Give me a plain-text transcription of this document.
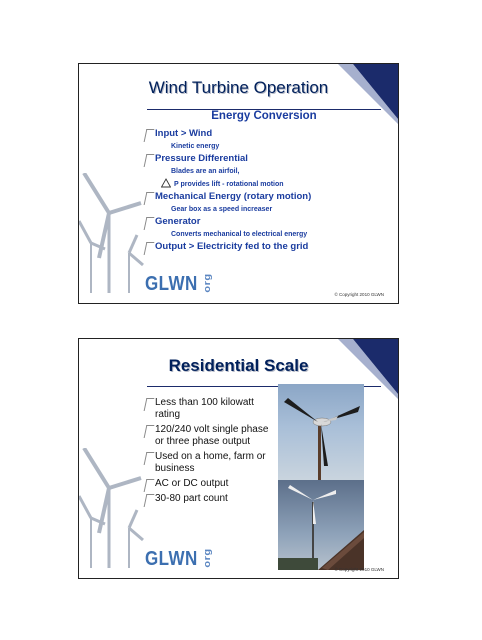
Wind Turbine Operation
Energy Conversion
Input > Wind
Kinetic energy
Pressure Differential
Blades are an airfoil,
P provides lift - rotational motion
Mechanical Energy (rotary motion)
Gear box as a speed increaser
Generator
Converts mechanical to electrical energy
Output > Electricity fed to the grid
GLWN org
© Copyright 2010 GLWN
Residential Scale
Less than 100 kilowatt rating
120/240 volt single phase or three phase output
Used on a home, farm or business
AC or DC output
30-80 part count
GLWN org
© Copyright 2010 GLWN
